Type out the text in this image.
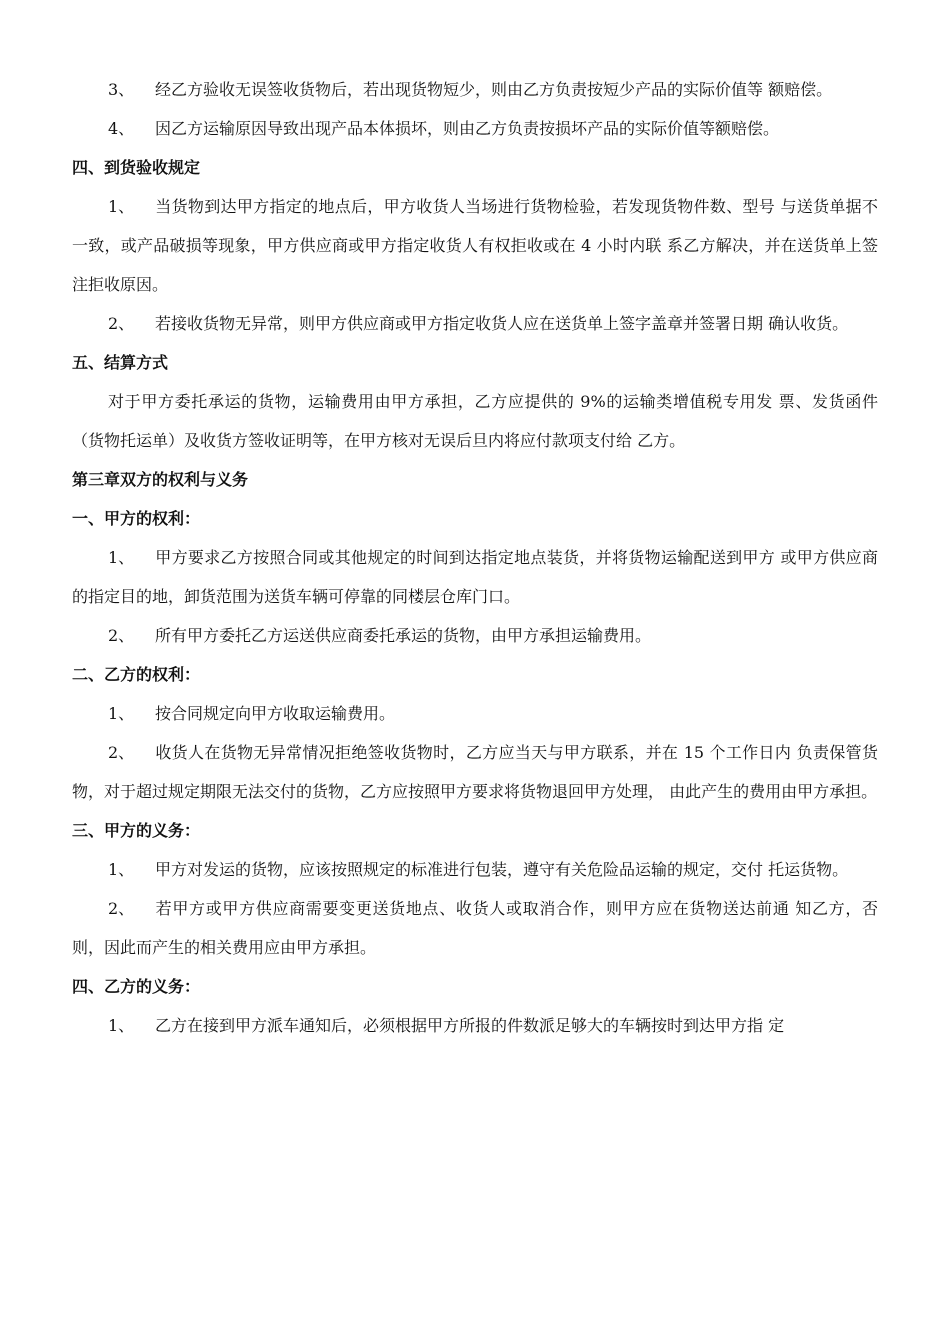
3、 经乙方验收无误签收货物后，若出现货物短少，则由乙方负责按短少产品的实际价值等 额赔偿。

4、 因乙方运输原因导致出现产品本体损坏，则由乙方负责按损坏产品的实际价值等额赔偿。

四、到货验收规定

1、 当货物到达甲方指定的地点后，甲方收货人当场进行货物检验，若发现货物件数、型号 与送货单据不一致，或产品破损等现象，甲方供应商或甲方指定收货人有权拒收或在 4 小时内联 系乙方解决，并在送货单上签注拒收原因。

2、 若接收货物无异常，则甲方供应商或甲方指定收货人应在送货单上签字盖章并签署日期 确认收货。

五、结算方式

对于甲方委托承运的货物，运输费用由甲方承担，乙方应提供的 9%的运输类增值税专用发 票、发货函件（货物托运单）及收货方签收证明等，在甲方核对无误后旦内将应付款项支付给 乙方。

第三章双方的权利与义务

一、甲方的权利：

1、 甲方要求乙方按照合同或其他规定的时间到达指定地点装货，并将货物运输配送到甲方 或甲方供应商的指定目的地，卸货范围为送货车辆可停靠的同楼层仓库门口。

2、 所有甲方委托乙方运送供应商委托承运的货物，由甲方承担运输费用。

二、乙方的权利：

1、 按合同规定向甲方收取运输费用。

2、 收货人在货物无异常情况拒绝签收货物时，乙方应当天与甲方联系，并在 15 个工作日内 负责保管货物，对于超过规定期限无法交付的货物，乙方应按照甲方要求将货物退回甲方处理， 由此产生的费用由甲方承担。

三、甲方的义务：

1、 甲方对发运的货物，应该按照规定的标准进行包装，遵守有关危险品运输的规定，交付 托运货物。

2、 若甲方或甲方供应商需要变更送货地点、收货人或取消合作，则甲方应在货物送达前通 知乙方，否则，因此而产生的相关费用应由甲方承担。

四、乙方的义务：

1、 乙方在接到甲方派车通知后，必须根据甲方所报的件数派足够大的车辆按时到达甲方指 定
